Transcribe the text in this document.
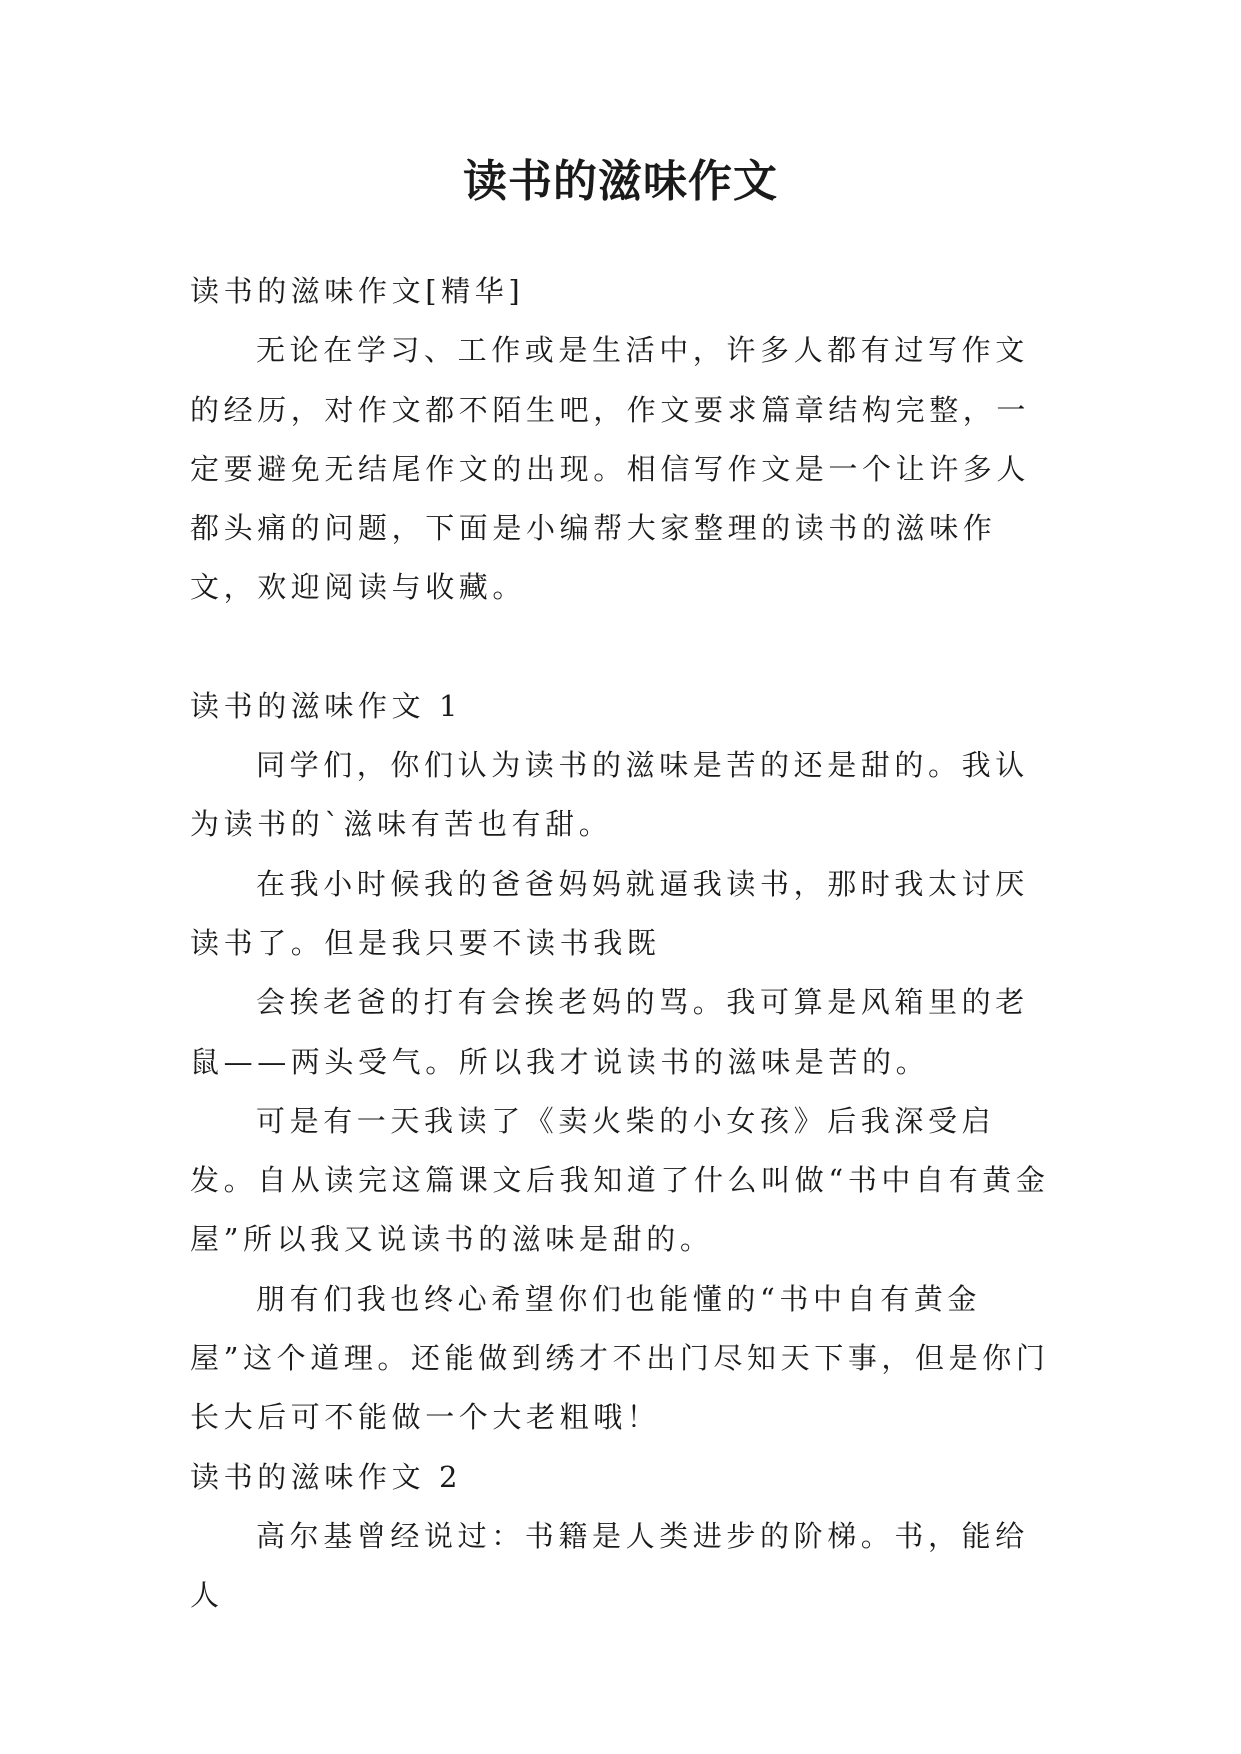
读书的滋味作文

读书的滋味作文[精华]

无论在学习、工作或是生活中，许多人都有过写作文的经历，对作文都不陌生吧，作文要求篇章结构完整，一定要避免无结尾作文的出现。相信写作文是一个让许多人都头痛的问题，下面是小编帮大家整理的读书的滋味作文，欢迎阅读与收藏。

读书的滋味作文 1

同学们，你们认为读书的滋味是苦的还是甜的。我认为读书的`滋味有苦也有甜。

在我小时候我的爸爸妈妈就逼我读书，那时我太讨厌读书了。但是我只要不读书我既

会挨老爸的打有会挨老妈的骂。我可算是风箱里的老鼠——两头受气。所以我才说读书的滋味是苦的。

可是有一天我读了《卖火柴的小女孩》后我深受启发。自从读完这篇课文后我知道了什么叫做“书中自有黄金屋”所以我又说读书的滋味是甜的。

朋有们我也终心希望你们也能懂的“书中自有黄金屋”这个道理。还能做到绣才不出门尽知天下事，但是你门长大后可不能做一个大老粗哦！

读书的滋味作文 2

高尔基曾经说过：书籍是人类进步的阶梯。书，能给人
